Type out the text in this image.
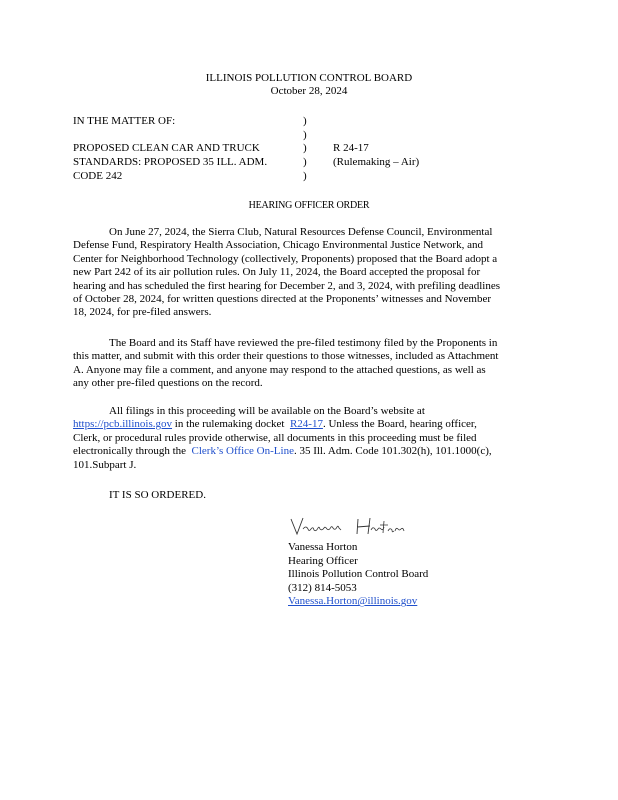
ILLINOIS POLLUTION CONTROL BOARD
October 28, 2024
IN THE MATTER OF:
PROPOSED CLEAN CAR AND TRUCK
STANDARDS: PROPOSED 35 ILL. ADM.
CODE 242
)
)
)
)
)
R 24-17
(Rulemaking – Air)
HEARING OFFICER ORDER
On June 27, 2024, the Sierra Club, Natural Resources Defense Council, Environmental
Defense Fund, Respiratory Health Association, Chicago Environmental Justice Network, and
Center for Neighborhood Technology (collectively, Proponents) proposed that the Board adopt a
new Part 242 of its air pollution rules. On July 11, 2024, the Board accepted the proposal for
hearing and has scheduled the first hearing for December 2, and 3, 2024, with prefiling deadlines
of October 28, 2024, for written questions directed at the Proponents’ witnesses and November
18, 2024, for pre-filed answers.
The Board and its Staff have reviewed the pre-filed testimony filed by the Proponents in
this matter, and submit with this order their questions to those witnesses, included as Attachment
A. Anyone may file a comment, and anyone may respond to the attached questions, as well as
any other pre-filed questions on the record.
All filings in this proceeding will be available on the Board’s website at
https://pcb.illinois.gov in the rulemaking docket  R24-17. Unless the Board, hearing officer,
Clerk, or procedural rules provide otherwise, all documents in this proceeding must be filed
electronically through the  Clerk’s Office On-Line. 35 Ill. Adm. Code 101.302(h), 101.1000(c),
101.Subpart J.
IT IS SO ORDERED.
Vanessa Horton
Hearing Officer
Illinois Pollution Control Board
(312) 814-5053
Vanessa.Horton@illinois.gov
